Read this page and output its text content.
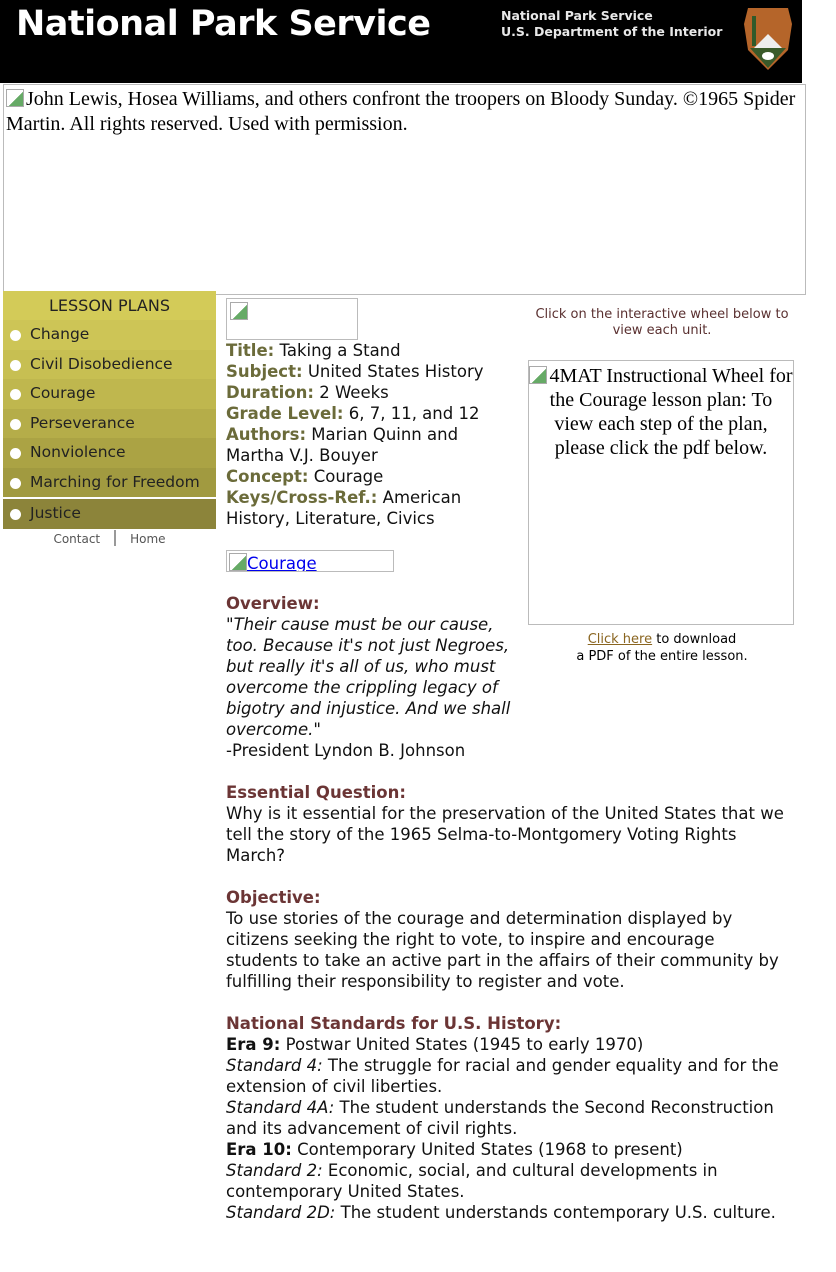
National Park Service	National Park Service
U.S. Department of the Interior
John Lewis, Hosea Williams, and others confront the troopers on Bloody Sunday. ©1965 Spider Martin. All rights reserved. Used with permission.
LESSON PLANS
Change
Civil Disobedience
Courage
Perseverance
Nonviolence
Marching for Freedom
Justice
Contact	Home

Title: Taking a Stand

Subject: United States History

Duration: 2 Weeks

Grade Level: 6, 7, 11, and 12

Authors: Marian Quinn and Martha V.J. Bouyer

Concept: Courage

Keys/Cross-Ref.: American History, Literature, Civics

Courage

Overview:

"Their cause must be our cause, too. Because it's not just Negroes, but really it's all of us, who must overcome the crippling legacy of bigotry and injustice. And we shall overcome."

-President Lyndon B. Johnson

Essential Question:

Why is it essential for the preservation of the United States that we tell the story of the 1965 Selma-to-Montgomery Voting Rights March?

Objective:

To use stories of the courage and determination displayed by citizens seeking the right to vote, to inspire and encourage students to take an active part in the affairs of their community by fulfilling their responsibility to register and vote.

National Standards for U.S. History:

Era 9: Postwar United States (1945 to early 1970)

Standard 4: The struggle for racial and gender equality and for the extension of civil liberties.

Standard 4A: The student understands the Second Reconstruction and its advancement of civil rights.

Era 10: Contemporary United States (1968 to present)

Standard 2: Economic, social, and cultural developments in contemporary United States.

Standard 2D: The student understands contemporary U.S. culture.

Click on the interactive wheel below to view each unit.
4MAT Instructional Wheel for the Courage lesson plan: To view each step of the plan, please click the pdf below.
Click here to download
a PDF of the entire lesson.
